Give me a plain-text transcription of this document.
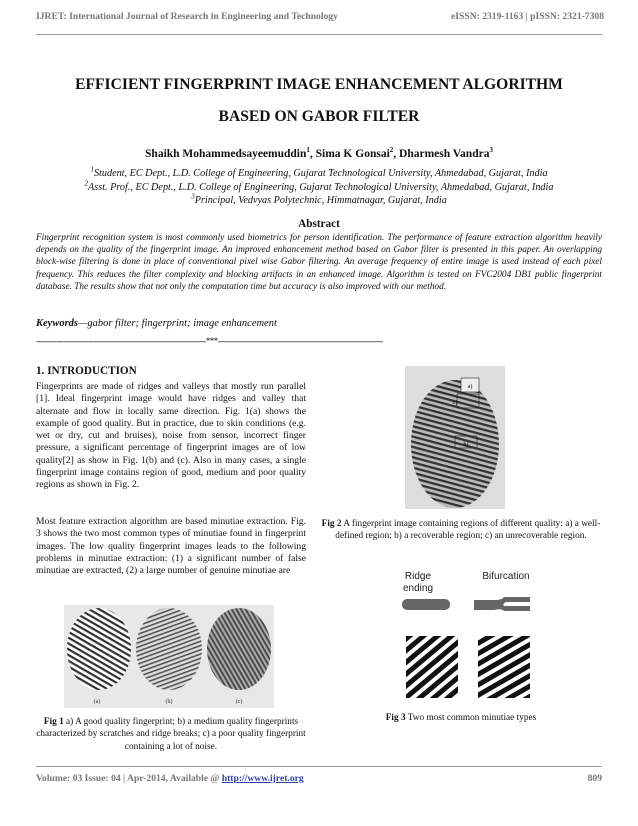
IJRET: International Journal of Research in Engineering and Technology	eISSN: 2319-1163 | pISSN: 2321-7308
EFFICIENT FINGERPRINT IMAGE ENHANCEMENT ALGORITHM
BASED ON GABOR FILTER
Shaikh Mohammedsayeemuddin$^1$, Sima K Gonsai$^2$, Dharmesh Vandra$^3$
$^1$Student, EC Dept., L.D. College of Engineering, Gujarat Technological University, Ahmedabad, Gujarat, India
$^2$Asst. Prof., EC Dept., L.D. College of Engineering, Gujarat Technological University, Ahmedabad, Gujarat, India
$^3$Principal, Vedvyas Polytechnic, Himmatnagar, Gujarat, India
Abstract
Fingerprint recognition system is most commonly used biometrics for person identification. The performance of feature extraction algorithm heavily depends on the quality of the fingerprint image. An improved enhancement method based on Gabor filter is presented in this paper. An overlapping block-wise filtering is done in place of conventional pixel wise Gabor filtering. An average frequency of entire image is used instead of each pixel frequency. This reduces the filter complexity and blocking artifacts in an enhanced image. Algorithm is tested on FVC2004 DB1 public fingerprint database. The results show that not only the computation time but accuracy is also improved with our method.
Keywords—gabor filter; fingerprint; image enhancement
--------------------------------------------------------------------***------------------------------------------------------------------
1. INTRODUCTION
Fingerprints are made of ridges and valleys that mostly run parallel [1]. Ideal fingerprint image would have ridges and valley that alternate and flow in locally same direction. Fig. 1(a) shows the example of good quality. But in practice, due to skin conditions (e.g. wet or dry, cut and bruises), noise from sensor, incorrect finger pressure, a significant percentage of fingerprint images are of low quality[2] as show in Fig. 1(b) and (c). Also in many cases, a single fingerprint image contains region of good, medium and poor quality regions as shown in Fig. 2.
Most feature extraction algorithm are based minutiae extraction. Fig. 3 shows the two most common types of minutiae found in fingerprint images. The low quality fingerprint images leads to the following problems in minutiae extraction: (1) a significant number of false minutiae are extracted, (2) a large number of genuine minutiae are
(a)	(b)	(c)
Fig 1 a) A good quality fingerprint; b) a medium quality fingerprints characterized by scratches and ridge breaks; c) a poor quality fingerprint containing a lot of noise.
a)
c)
b)
Fig 2 A fingerprint image containing regions of different quality: a) a well-defined region; b) a recoverable region; c) an unrecoverable region.
Ridge
ending
Bifurcation
Fig 3 Two most common minutiae types
Volume: 03 Issue: 04 | Apr-2014, Available @ http://www.ijret.org	809
